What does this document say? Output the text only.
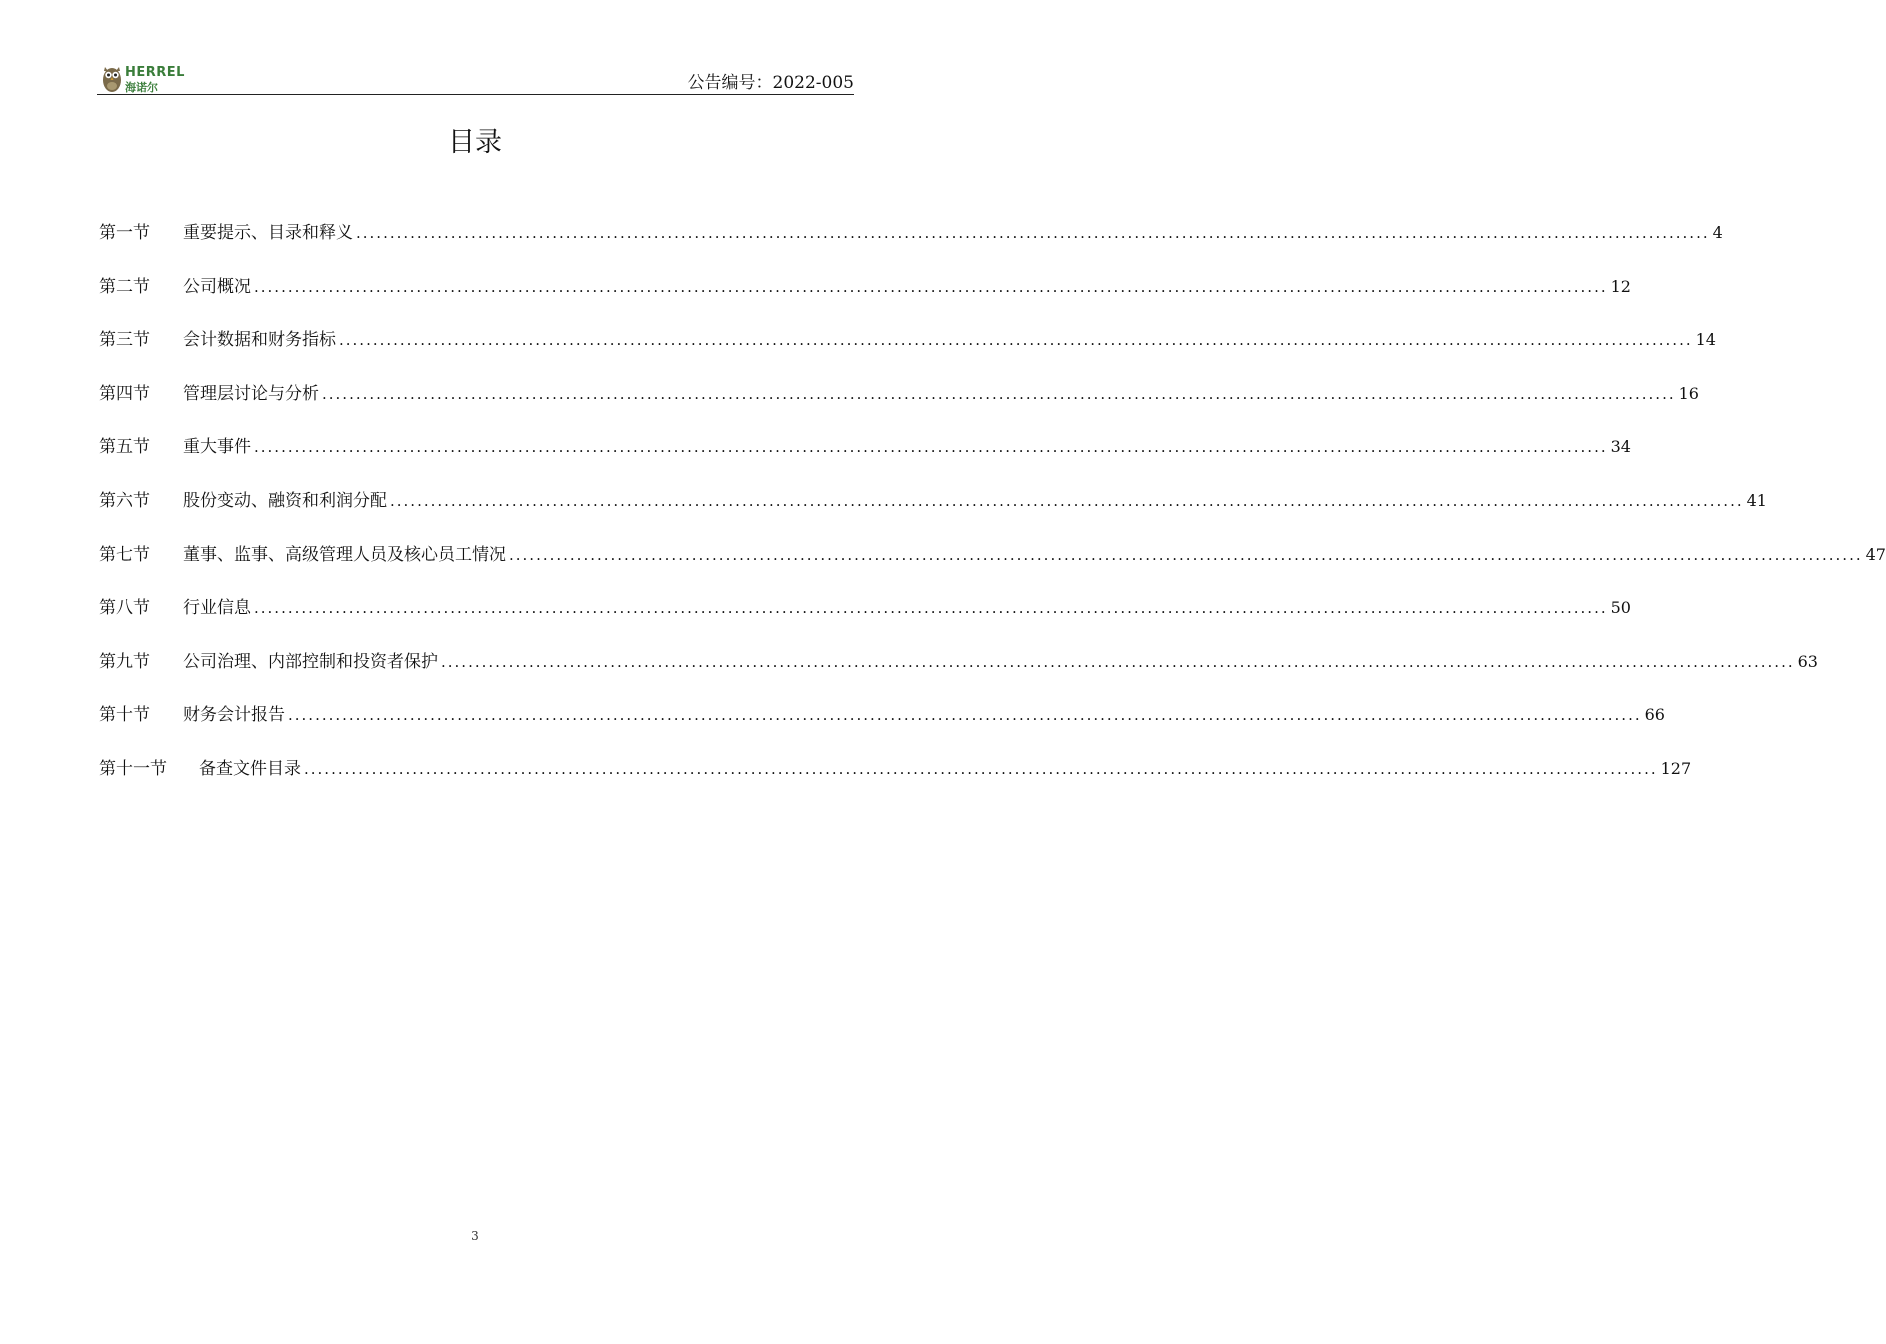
HERREL
海诺尔	公告编号：2022-005
目录
第一节	重要提示、目录和释义 ........................................................................................................................................................................................................ 4
第二节	公司概况 ........................................................................................................................................................................................................ 12
第三节	会计数据和财务指标 ........................................................................................................................................................................................................ 14
第四节	管理层讨论与分析 ........................................................................................................................................................................................................ 16
第五节	重大事件 ........................................................................................................................................................................................................ 34
第六节	股份变动、融资和利润分配 ........................................................................................................................................................................................................ 41
第七节	董事、监事、高级管理人员及核心员工情况 ........................................................................................................................................................................................................ 47
第八节	行业信息 ........................................................................................................................................................................................................ 50
第九节	公司治理、内部控制和投资者保护 ........................................................................................................................................................................................................ 63
第十节	财务会计报告 ........................................................................................................................................................................................................ 66
第十一节	备查文件目录 ........................................................................................................................................................................................................ 127
3
